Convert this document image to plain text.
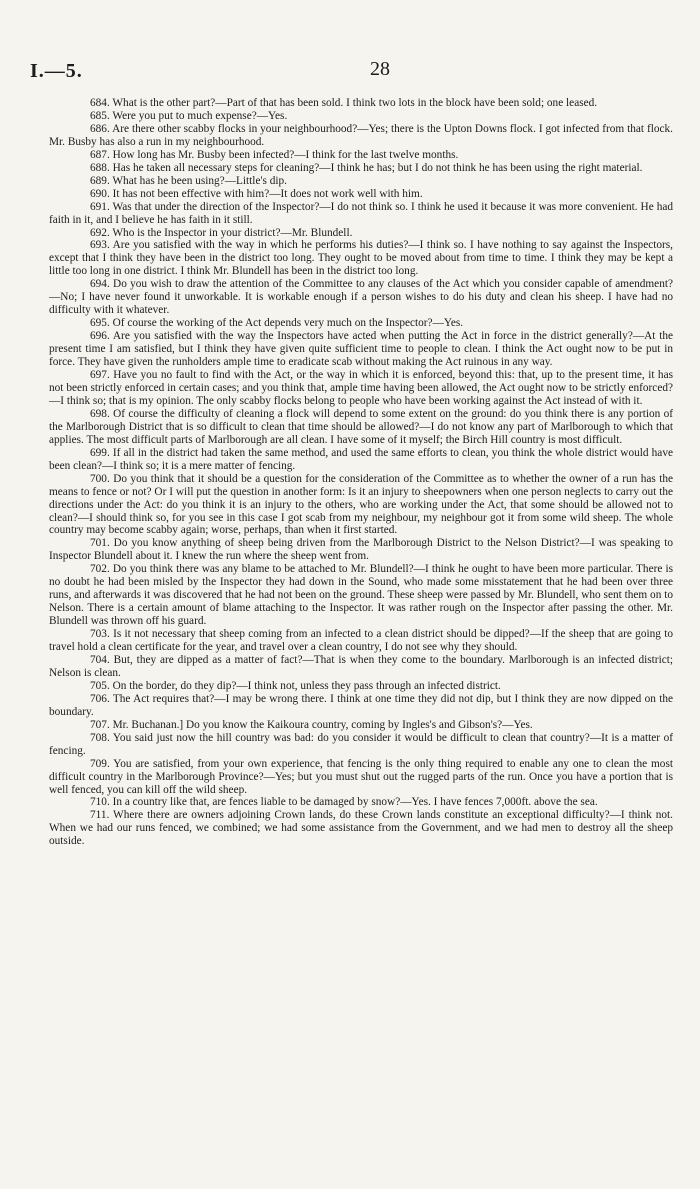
I.—5.	28

684. What is the other part?—Part of that has been sold. I think two lots in the block have been sold; one leased.

685. Were you put to much expense?—Yes.

686. Are there other scabby flocks in your neighbourhood?—Yes; there is the Upton Downs flock. I got infected from that flock. Mr. Busby has also a run in my neighbourhood.

687. How long has Mr. Busby been infected?—I think for the last twelve months.

688. Has he taken all necessary steps for cleaning?—I think he has; but I do not think he has been using the right material.

689. What has he been using?—Little's dip.

690. It has not been effective with him?—It does not work well with him.

691. Was that under the direction of the Inspector?—I do not think so. I think he used it because it was more convenient. He had faith in it, and I believe he has faith in it still.

692. Who is the Inspector in your district?—Mr. Blundell.

693. Are you satisfied with the way in which he performs his duties?—I think so. I have nothing to say against the Inspectors, except that I think they have been in the district too long. They ought to be moved about from time to time. I think they may be kept a little too long in one district. I think Mr. Blundell has been in the district too long.

694. Do you wish to draw the attention of the Committee to any clauses of the Act which you consider capable of amendment?—No; I have never found it unworkable. It is workable enough if a person wishes to do his duty and clean his sheep. I have had no difficulty with it whatever.

695. Of course the working of the Act depends very much on the Inspector?—Yes.

696. Are you satisfied with the way the Inspectors have acted when putting the Act in force in the district generally?—At the present time I am satisfied, but I think they have given quite sufficient time to people to clean. I think the Act ought now to be put in force. They have given the runholders ample time to eradicate scab without making the Act ruinous in any way.

697. Have you no fault to find with the Act, or the way in which it is enforced, beyond this: that, up to the present time, it has not been strictly enforced in certain cases; and you think that, ample time having been allowed, the Act ought now to be strictly enforced?—I think so; that is my opinion. The only scabby flocks belong to people who have been working against the Act instead of with it.

698. Of course the difficulty of cleaning a flock will depend to some extent on the ground: do you think there is any portion of the Marlborough District that is so difficult to clean that time should be allowed?—I do not know any part of Marlborough to which that applies. The most difficult parts of Marlborough are all clean. I have some of it myself; the Birch Hill country is most difficult.

699. If all in the district had taken the same method, and used the same efforts to clean, you think the whole district would have been clean?—I think so; it is a mere matter of fencing.

700. Do you think that it should be a question for the consideration of the Committee as to whether the owner of a run has the means to fence or not? Or I will put the question in another form: Is it an injury to sheepowners when one person neglects to carry out the directions under the Act: do you think it is an injury to the others, who are working under the Act, that some should be allowed not to clean?—I should think so, for you see in this case I got scab from my neighbour, my neighbour got it from some wild sheep. The whole country may become scabby again; worse, perhaps, than when it first started.

701. Do you know anything of sheep being driven from the Marlborough District to the Nelson District?—I was speaking to Inspector Blundell about it. I knew the run where the sheep went from.

702. Do you think there was any blame to be attached to Mr. Blundell?—I think he ought to have been more particular. There is no doubt he had been misled by the Inspector they had down in the Sound, who made some misstatement that he had been over three runs, and afterwards it was discovered that he had not been on the ground. These sheep were passed by Mr. Blundell, who sent them on to Nelson. There is a certain amount of blame attaching to the Inspector. It was rather rough on the Inspector after passing the other. Mr. Blundell was thrown off his guard.

703. Is it not necessary that sheep coming from an infected to a clean district should be dipped?—If the sheep that are going to travel hold a clean certificate for the year, and travel over a clean country, I do not see why they should.

704. But, they are dipped as a matter of fact?—That is when they come to the boundary. Marlborough is an infected district; Nelson is clean.

705. On the border, do they dip?—I think not, unless they pass through an infected district.

706. The Act requires that?—I may be wrong there. I think at one time they did not dip, but I think they are now dipped on the boundary.

707. Mr. Buchanan.] Do you know the Kaikoura country, coming by Ingles's and Gibson's?—Yes.

708. You said just now the hill country was bad: do you consider it would be difficult to clean that country?—It is a matter of fencing.

709. You are satisfied, from your own experience, that fencing is the only thing required to enable any one to clean the most difficult country in the Marlborough Province?—Yes; but you must shut out the rugged parts of the run. Once you have a portion that is well fenced, you can kill off the wild sheep.

710. In a country like that, are fences liable to be damaged by snow?—Yes. I have fences 7,000ft. above the sea.

711. Where there are owners adjoining Crown lands, do these Crown lands constitute an exceptional difficulty?—I think not. When we had our runs fenced, we combined; we had some assistance from the Government, and we had men to destroy all the sheep outside.
